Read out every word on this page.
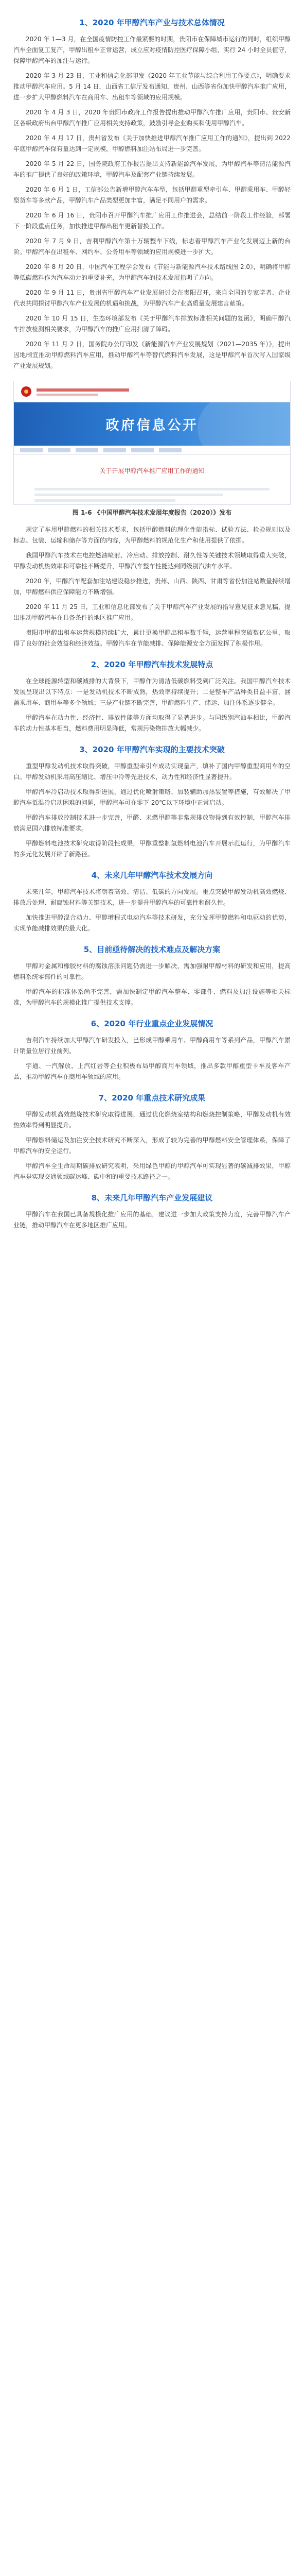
1、2020 年甲醇汽车产业与技术总体情况

2020 年 1—3 月，在全国疫情防控工作最紧要的时期，贵阳市在保障城市运行的同时，组织甲醇汽车全面复工复产，甲醇出租车正常运营，成立应对疫情防控医疗保障小组，实行 24 小时全员值守，保障甲醇汽车的加注与运行。

2020 年 3 月 23 日，工业和信息化部印发《2020 年工业节能与综合利用工作要点》，明确要求推动甲醇汽车应用。5 月 14 日，山西省工信厅发布通知，贵州、山西等省份加快甲醇汽车推广应用，进一步扩大甲醇燃料汽车在商用车、出租车等领域的应用规模。

2020 年 4 月 3 日，2020 年贵阳市政府工作报告提出推动甲醇汽车推广应用，贵阳市、贵安新区各级政府出台甲醇汽车推广应用相关支持政策，鼓励引导企业购买和使用甲醇汽车。

2020 年 4 月 17 日，贵州省发布《关于加快推进甲醇汽车推广应用工作的通知》，提出到 2022 年底甲醇汽车保有量达到一定规模，甲醇燃料加注站布局进一步完善。

2020 年 5 月 22 日，国务院政府工作报告提出支持新能源汽车发展，为甲醇汽车等清洁能源汽车的推广提供了良好的政策环境，甲醇汽车及配套产业链持续发展。

2020 年 6 月 1 日，工信部公告新增甲醇汽车车型，包括甲醇重型牵引车、甲醇乘用车、甲醇轻型货车等多款产品，甲醇汽车产品类型更加丰富，满足不同用户的需求。

2020 年 6 月 16 日，贵阳市召开甲醇汽车推广应用工作推进会，总结前一阶段工作经验，部署下一阶段重点任务，加快推进甲醇出租车更新替换工作。

2020 年 7 月 9 日，吉利甲醇汽车第十万辆整车下线，标志着甲醇汽车产业化发展迈上新的台阶。甲醇汽车在出租车、网约车、公务用车等领域的应用规模进一步扩大。

2020 年 8 月 20 日，中国汽车工程学会发布《节能与新能源汽车技术路线图 2.0》，明确将甲醇等低碳燃料作为汽车动力的重要补充，为甲醇汽车的技术发展指明了方向。

2020 年 9 月 11 日，贵州省甲醇汽车产业发展研讨会在贵阳召开，来自全国的专家学者、企业代表共同探讨甲醇汽车产业发展的机遇和挑战，为甲醇汽车产业高质量发展建言献策。

2020 年 10 月 15 日，生态环境部发布《关于甲醇汽车排放标准相关问题的复函》，明确甲醇汽车排放检测相关要求，为甲醇汽车的推广应用扫清了障碍。

2020 年 11 月 2 日，国务院办公厅印发《新能源汽车产业发展规划（2021—2035 年）》，提出因地制宜推动甲醇燃料汽车应用，推动甲醇汽车等替代燃料汽车发展，这是甲醇汽车首次写入国家级产业发展规划。

政府信息公开
关于开展甲醇汽车推广应用工作的通知
图 1-6 《中国甲醇汽车技术发展年度报告（2020）》发布

规定了车用甲醇燃料的相关技术要求，包括甲醇燃料的理化性能指标、试验方法、检验规则以及标志、包装、运输和储存等方面的内容，为甲醇燃料的规范化生产和使用提供了依据。

我国甲醇汽车技术在电控燃油喷射、冷启动、排放控制、耐久性等关键技术领域取得重大突破，甲醇发动机热效率和可靠性不断提升，甲醇汽车整车性能达到同级别汽油车水平。

2020 年，甲醇汽车配套加注站建设稳步推进，贵州、山西、陕西、甘肃等省份加注站数量持续增加，甲醇燃料供应保障能力不断增强。

2020 年 11 月 25 日，工业和信息化部发布了关于甲醇汽车产业发展的指导意见征求意见稿，提出推动甲醇汽车在具备条件的地区推广应用。

贵阳市甲醇出租车运营规模持续扩大，累计更换甲醇出租车数千辆，运营里程突破数亿公里，取得了良好的社会效益和经济效益。甲醇汽车在节能减排、保障能源安全方面发挥了积极作用。

2、2020 年甲醇汽车技术发展特点

在全球能源转型和碳减排的大背景下，甲醇作为清洁低碳燃料受到广泛关注。我国甲醇汽车技术发展呈现出以下特点：一是发动机技术不断成熟，热效率持续提升；二是整车产品种类日益丰富，涵盖乘用车、商用车等多个领域；三是产业链不断完善，甲醇燃料生产、储运、加注体系逐步健全。

甲醇汽车在动力性、经济性、排放性能等方面均取得了显著进步。与同级别汽油车相比，甲醇汽车的动力性基本相当，燃料费用明显降低，常规污染物排放大幅减少。

3、2020 年甲醇汽车实现的主要技术突破

重型甲醇发动机技术取得突破，甲醇重型牵引车成功实现量产，填补了国内甲醇重型商用车的空白。甲醇发动机采用高压缩比、增压中冷等先进技术，动力性和经济性显著提升。

甲醇汽车冷启动技术取得新进展，通过优化喷射策略、加装辅助加热装置等措施，有效解决了甲醇汽车低温冷启动困难的问题，甲醇汽车可在零下 20℃以下环境中正常启动。

甲醇汽车排放控制技术进一步完善，甲醛、未燃甲醇等非常规排放物得到有效控制，甲醇汽车排放满足国六排放标准要求。

甲醇燃料电池技术研究取得阶段性成果，甲醇重整制氢燃料电池汽车开展示范运行，为甲醇汽车的多元化发展开辟了新路径。

4、未来几年甲醇汽车技术发展方向

未来几年，甲醇汽车技术将朝着高效、清洁、低碳的方向发展。重点突破甲醇发动机高效燃烧、排放后处理、耐腐蚀材料等关键技术，进一步提升甲醇汽车的可靠性和耐久性。

加快推进甲醇混合动力、甲醇增程式电动汽车等技术研发，充分发挥甲醇燃料和电驱动的优势，实现节能减排效果的最大化。

5、目前亟待解决的技术难点及解决方案

甲醇对金属和橡胶材料的腐蚀溶胀问题仍需进一步解决，需加强耐甲醇材料的研发和应用，提高燃料系统零部件的可靠性。

甲醇汽车的标准体系尚不完善，需加快制定甲醇汽车整车、零部件、燃料及加注设施等相关标准，为甲醇汽车的规模化推广提供技术支撑。

6、2020 年行业重点企业发展情况

吉利汽车持续加大甲醇汽车研发投入，已形成甲醇乘用车、甲醇商用车等系列产品，甲醇汽车累计销量位居行业前列。

宇通、一汽解放、上汽红岩等企业积极布局甲醇商用车领域，推出多款甲醇重型卡车及客车产品，推动甲醇汽车在商用车领域的应用。

7、2020 年重点技术研究成果

甲醇发动机高效燃烧技术研究取得进展，通过优化燃烧室结构和燃烧控制策略，甲醇发动机有效热效率得到明显提升。

甲醇燃料储运及加注安全技术研究不断深入，形成了较为完善的甲醇燃料安全管理体系，保障了甲醇汽车的安全运行。

甲醇汽车全生命周期碳排放研究表明，采用绿色甲醇的甲醇汽车可实现显著的碳减排效果，甲醇汽车是实现交通领域碳达峰、碳中和的重要技术路径之一。

8、未来几年甲醇汽车产业发展建议

甲醇汽车在我国已具备规模化推广应用的基础，建议进一步加大政策支持力度，完善甲醇汽车产业链，推动甲醇汽车在更多地区推广应用。
